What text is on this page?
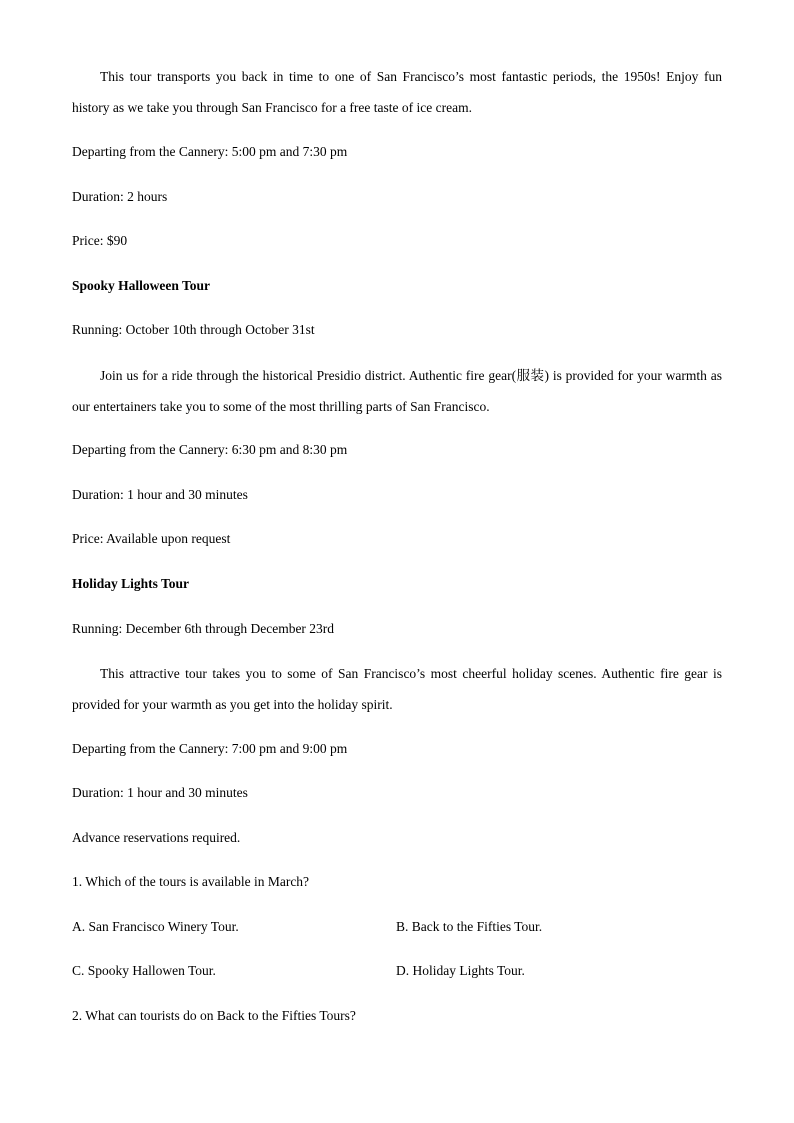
This tour transports you back in time to one of San Francisco’s most fantastic periods, the 1950s! Enjoy fun history as we take you through San Francisco for a free taste of ice cream.
Departing from the Cannery: 5:00 pm and 7:30 pm
Duration: 2 hours
Price: $90
Spooky Halloween Tour
Running: October 10th through October 31st
Join us for a ride through the historical Presidio district. Authentic fire gear(服装) is provided for your warmth as our entertainers take you to some of the most thrilling parts of San Francisco.
Departing from the Cannery: 6:30 pm and 8:30 pm
Duration: 1 hour and 30 minutes
Price: Available upon request
Holiday Lights Tour
Running: December 6th through December 23rd
This attractive tour takes you to some of San Francisco’s most cheerful holiday scenes. Authentic fire gear is provided for your warmth as you get into the holiday spirit.
Departing from the Cannery: 7:00 pm and 9:00 pm
Duration: 1 hour and 30 minutes
Advance reservations required.
1. Which of the tours is available in March?
A. San Francisco Winery Tour.	B. Back to the Fifties Tour.
C. Spooky Hallowen Tour.	D. Holiday Lights Tour.
2. What can tourists do on Back to the Fifties Tours?
